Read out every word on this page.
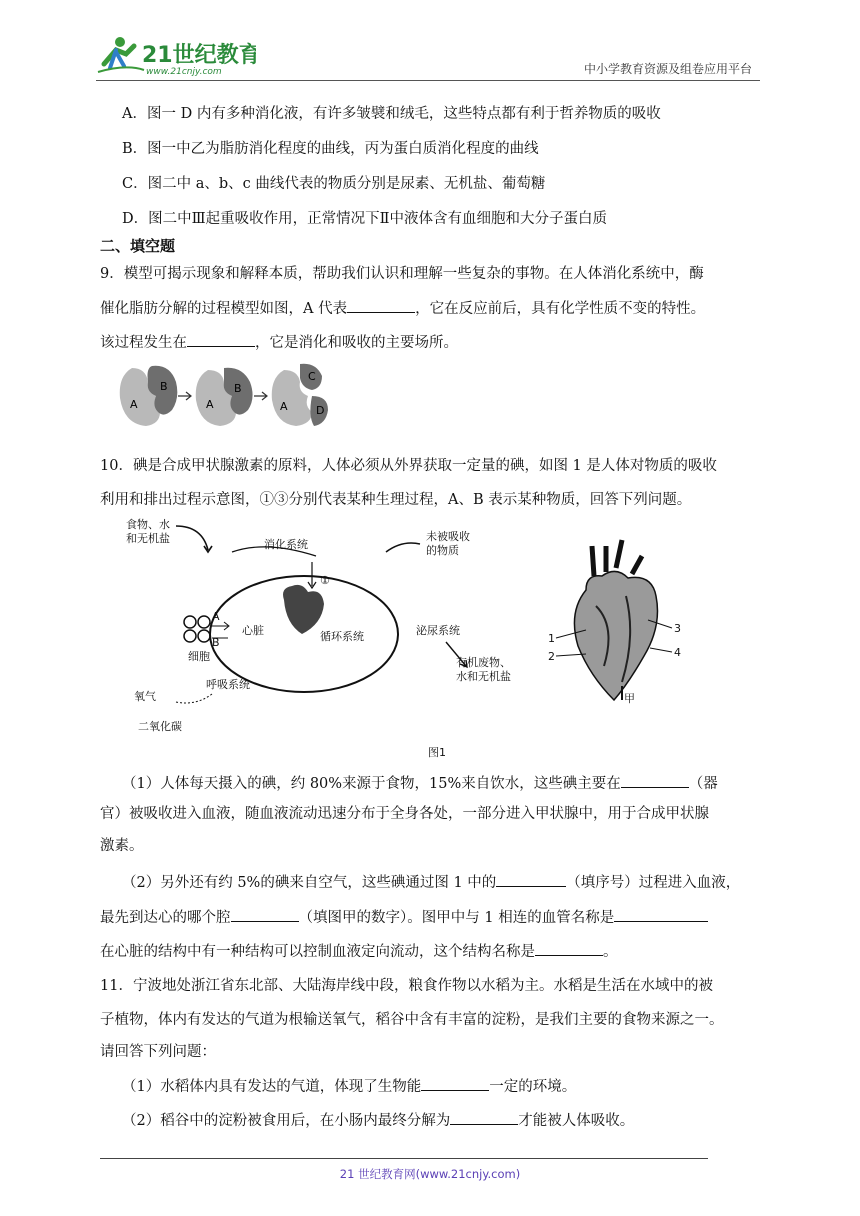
21世纪教育
www.21cnjy.com	中小学教育资源及组卷应用平台
A．图一 D 内有多种消化液，有许多皱襞和绒毛，这些特点都有利于哲养物质的吸收
B．图一中乙为脂肪消化程度的曲线，丙为蛋白质消化程度的曲线
C．图二中 a、b、c 曲线代表的物质分别是尿素、无机盐、葡萄糖
D．图二中Ⅲ起重吸收作用，正常情况下Ⅱ中液体含有血细胞和大分子蛋白质
二、填空题
9．模型可揭示现象和解释本质，帮助我们认识和理解一些复杂的事物。在人体消化系统中，酶
催化脂肪分解的过程模型如图，A 代表	，它在反应前后，具有化学性质不变的特性。
该过程发生在	，它是消化和吸收的主要场所。
A
B
A
B
A
C
D
10．碘是合成甲状腺激素的原料，人体必须从外界获取一定量的碘，如图 1 是人体对物质的吸收
利用和排出过程示意图，①③分别代表某种生理过程，A、B 表示某种物质，回答下列问题。
食物、水
和无机盐	消化系统
①
心脏	循环系统
细胞
A
B
呼吸系统
氧气
二氧化碳
未被吸收
的物质
泌尿系统
有机废物、
水和无机盐
1
2
3
4
甲
图1
（1）人体每天摄入的碘，约 80%来源于食物，15%来自饮水，这些碘主要在	（器
官）被吸收进入血液，随血液流动迅速分布于全身各处，一部分进入甲状腺中，用于合成甲状腺
激素。
（2）另外还有约 5%的碘来自空气，这些碘通过图 1 中的	（填序号）过程进入血液，
最先到达心的哪个腔	（填图甲的数字）。图甲中与 1 相连的血管名称是
在心脏的结构中有一种结构可以控制血液定向流动，这个结构名称是	。
11．宁波地处浙江省东北部、大陆海岸线中段，粮食作物以水稻为主。水稻是生活在水域中的被
子植物，体内有发达的气道为根输送氧气，稻谷中含有丰富的淀粉，是我们主要的食物来源之一。
请回答下列问题：
（1）水稻体内具有发达的气道，体现了生物能	一定的环境。
（2）稻谷中的淀粉被食用后，在小肠内最终分解为	才能被人体吸收。
21 世纪教育网(www.21cnjy.com)
